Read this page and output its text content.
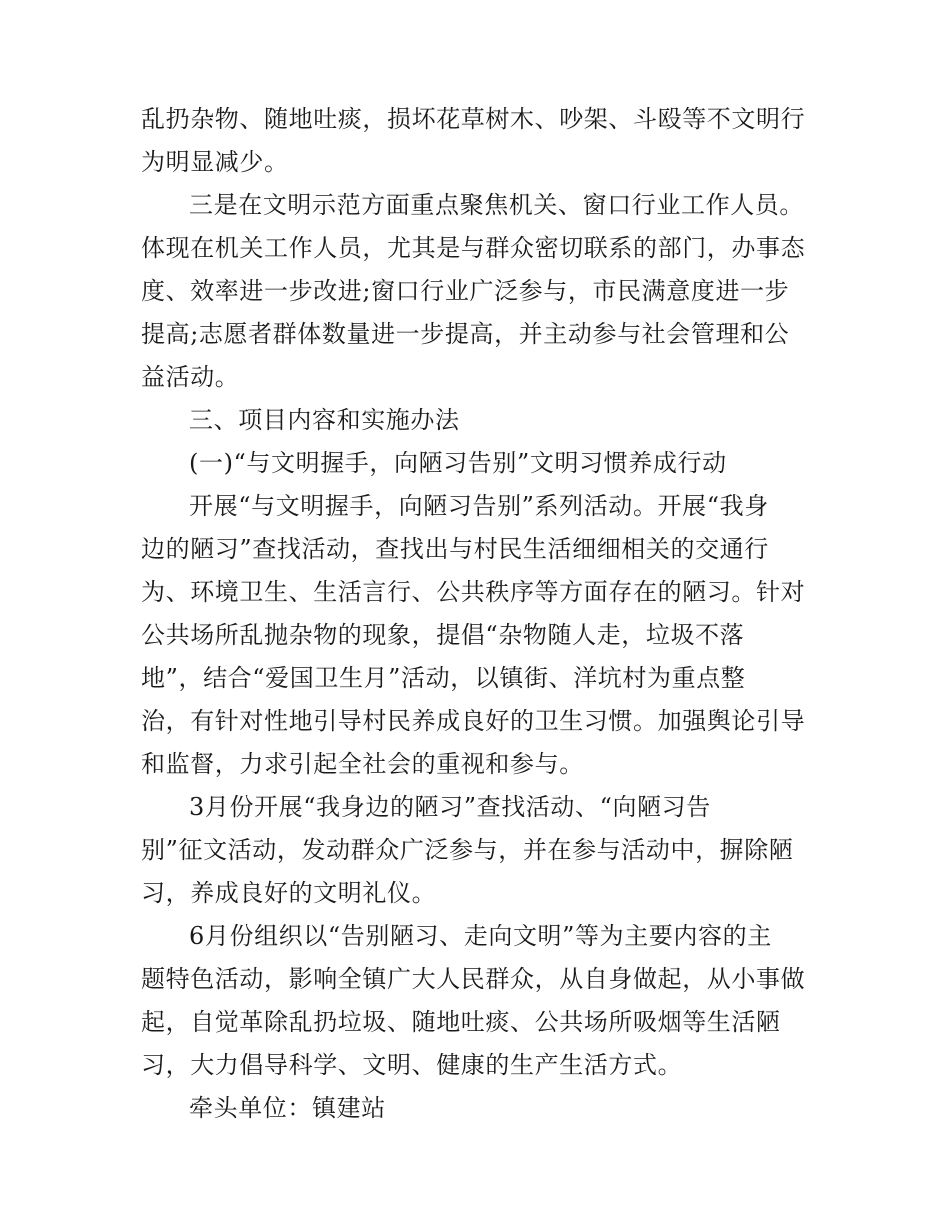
乱扔杂物、随地吐痰，损坏花草树木、吵架、斗殴等不文明行
为明显减少。
三是在文明示范方面重点聚焦机关、窗口行业工作人员。
体现在机关工作人员，尤其是与群众密切联系的部门，办事态
度、效率进一步改进;窗口行业广泛参与，市民满意度进一步
提高;志愿者群体数量进一步提高，并主动参与社会管理和公
益活动。
三、项目内容和实施办法
(一)“与文明握手，向陋习告别”文明习惯养成行动
开展“与文明握手，向陋习告别”系列活动。开展“我身
边的陋习”查找活动，查找出与村民生活细细相关的交通行
为、环境卫生、生活言行、公共秩序等方面存在的陋习。针对
公共场所乱抛杂物的现象，提倡“杂物随人走，垃圾不落
地”，结合“爱国卫生月”活动，以镇街、洋坑村为重点整
治，有针对性地引导村民养成良好的卫生习惯。加强舆论引导
和监督，力求引起全社会的重视和参与。
3月份开展“我身边的陋习”查找活动、“向陋习告
别”征文活动，发动群众广泛参与，并在参与活动中，摒除陋
习，养成良好的文明礼仪。
6月份组织以“告别陋习、走向文明”等为主要内容的主
题特色活动，影响全镇广大人民群众，从自身做起，从小事做
起，自觉革除乱扔垃圾、随地吐痰、公共场所吸烟等生活陋
习，大力倡导科学、文明、健康的生产生活方式。
牵头单位：镇建站
